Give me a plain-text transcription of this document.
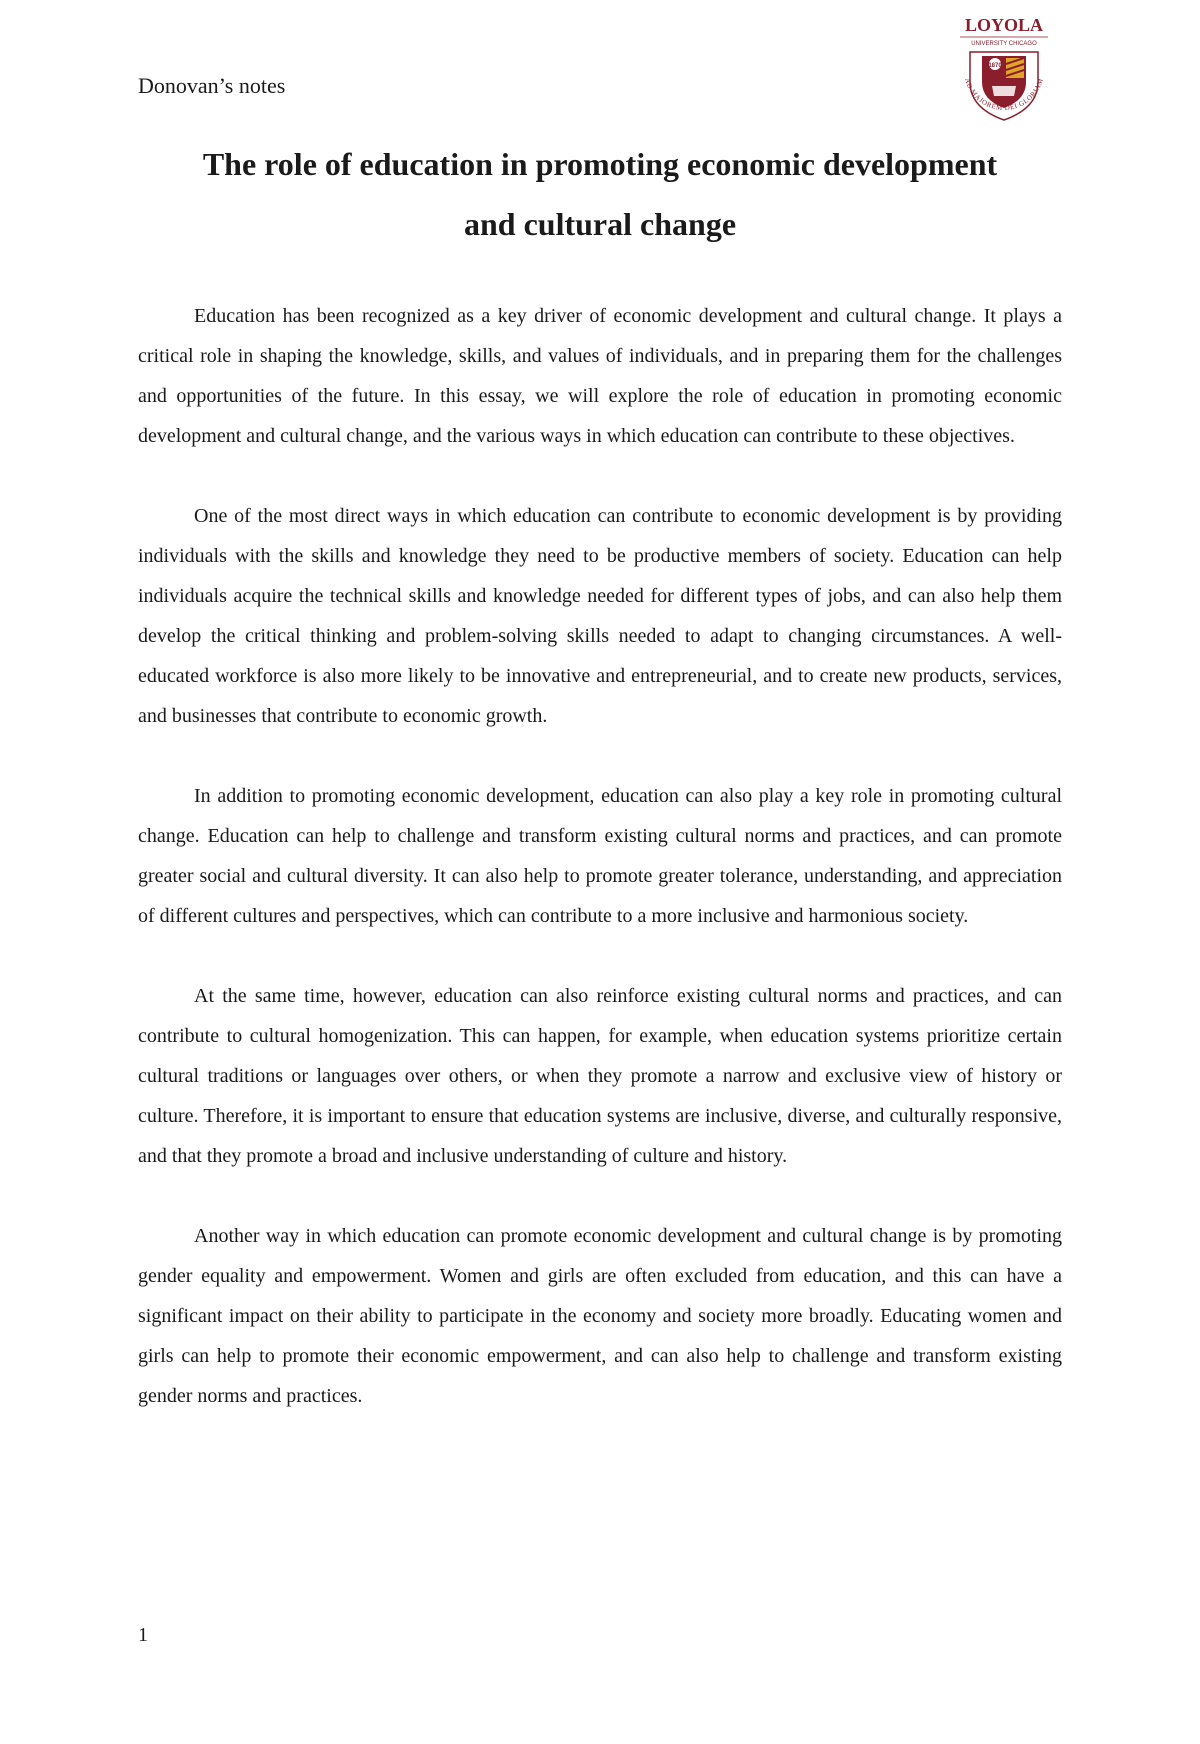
Donovan’s notes
LOYOLA
UNIVERSITY CHICAGO
1870
AD MAJOREM DEI GLORIAM
The role of education in promoting economic development
and cultural change

Education has been recognized as a key driver of economic development and cultural change. It plays a critical role in shaping the knowledge, skills, and values of individuals, and in preparing them for the challenges and opportunities of the future. In this essay, we will explore the role of education in promoting economic development and cultural change, and the various ways in which education can contribute to these objectives.

One of the most direct ways in which education can contribute to economic development is by providing individuals with the skills and knowledge they need to be productive members of society. Education can help individuals acquire the technical skills and knowledge needed for different types of jobs, and can also help them develop the critical thinking and problem-solving skills needed to adapt to changing circumstances. A well-educated workforce is also more likely to be innovative and entrepreneurial, and to create new products, services, and businesses that contribute to economic growth.

In addition to promoting economic development, education can also play a key role in promoting cultural change. Education can help to challenge and transform existing cultural norms and practices, and can promote greater social and cultural diversity. It can also help to promote greater tolerance, understanding, and appreciation of different cultures and perspectives, which can contribute to a more inclusive and harmonious society.

At the same time, however, education can also reinforce existing cultural norms and practices, and can contribute to cultural homogenization. This can happen, for example, when education systems prioritize certain cultural traditions or languages over others, or when they promote a narrow and exclusive view of history or culture. Therefore, it is important to ensure that education systems are inclusive, diverse, and culturally responsive, and that they promote a broad and inclusive understanding of culture and history.

Another way in which education can promote economic development and cultural change is by promoting gender equality and empowerment. Women and girls are often excluded from education, and this can have a significant impact on their ability to participate in the economy and society more broadly. Educating women and girls can help to promote their economic empowerment, and can also help to challenge and transform existing gender norms and practices.

1
